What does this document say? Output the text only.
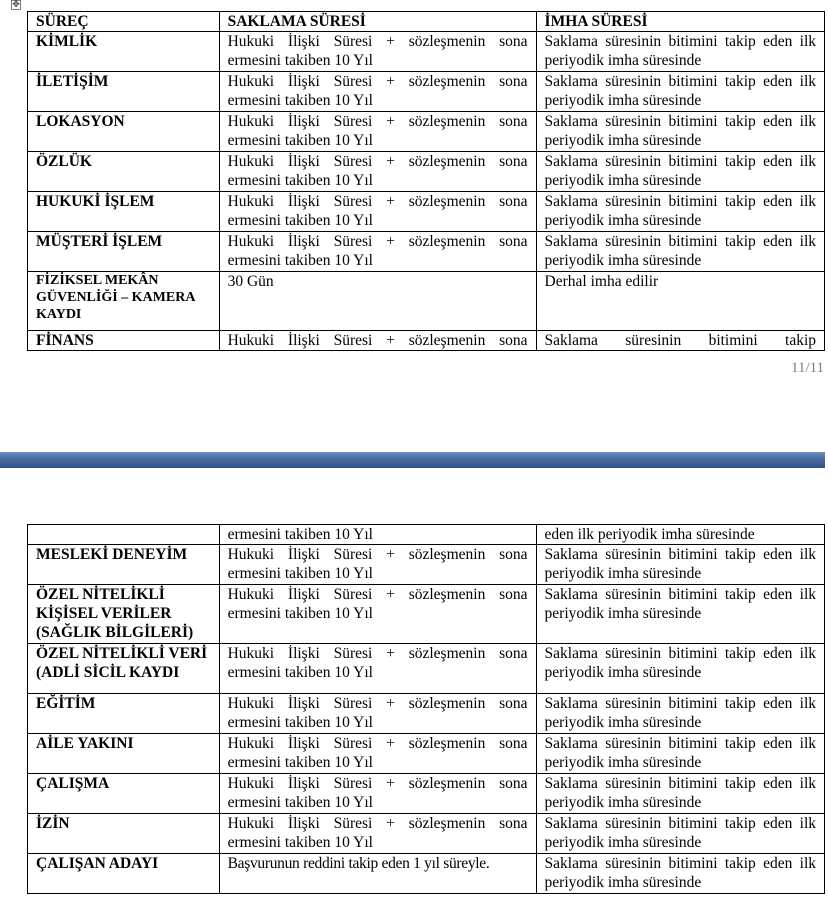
✥
SÜREÇ	SAKLAMA SÜRESİ	İMHA SÜRESİ
KİMLİK	Hukuki İlişki Süresi + sözleşmenin sona ermesini takiben 10 Yıl	Saklama süresinin bitimini takip eden ilk periyodik imha süresinde
İLETİŞİM	Hukuki İlişki Süresi + sözleşmenin sona ermesini takiben 10 Yıl	Saklama süresinin bitimini takip eden ilk periyodik imha süresinde
LOKASYON	Hukuki İlişki Süresi + sözleşmenin sona ermesini takiben 10 Yıl	Saklama süresinin bitimini takip eden ilk periyodik imha süresinde
ÖZLÜK	Hukuki İlişki Süresi + sözleşmenin sona ermesini takiben 10 Yıl	Saklama süresinin bitimini takip eden ilk periyodik imha süresinde
HUKUKİ İŞLEM	Hukuki İlişki Süresi + sözleşmenin sona ermesini takiben 10 Yıl	Saklama süresinin bitimini takip eden ilk periyodik imha süresinde
MÜŞTERİ İŞLEM	Hukuki İlişki Süresi + sözleşmenin sona ermesini takiben 10 Yıl	Saklama süresinin bitimini takip eden ilk periyodik imha süresinde
FİZİKSEL MEKÂN GÜVENLİĞİ – KAMERA KAYDI	30 Gün	Derhal imha edilir
FİNANS	Hukuki İlişki Süresi + sözleşmenin sona	Saklama süresinin bitimini takip
11/11
	ermesini takiben 10 Yıl	eden ilk periyodik imha süresinde
MESLEKİ DENEYİM	Hukuki İlişki Süresi + sözleşmenin sona ermesini takiben 10 Yıl	Saklama süresinin bitimini takip eden ilk periyodik imha süresinde
ÖZEL NİTELİKLİ KİŞİSEL VERİLER (SAĞLIK BİLGİLERİ)	Hukuki İlişki Süresi + sözleşmenin sona ermesini takiben 10 Yıl	Saklama süresinin bitimini takip eden ilk periyodik imha süresinde
ÖZEL NİTELİKLİ VERİ (ADLİ SİCİL KAYDI	Hukuki İlişki Süresi + sözleşmenin sona ermesini takiben 10 Yıl	Saklama süresinin bitimini takip eden ilk periyodik imha süresinde
EĞİTİM	Hukuki İlişki Süresi + sözleşmenin sona ermesini takiben 10 Yıl	Saklama süresinin bitimini takip eden ilk periyodik imha süresinde
AİLE YAKINI	Hukuki İlişki Süresi + sözleşmenin sona ermesini takiben 10 Yıl	Saklama süresinin bitimini takip eden ilk periyodik imha süresinde
ÇALIŞMA	Hukuki İlişki Süresi + sözleşmenin sona ermesini takiben 10 Yıl	Saklama süresinin bitimini takip eden ilk periyodik imha süresinde
İZİN	Hukuki İlişki Süresi + sözleşmenin sona ermesini takiben 10 Yıl	Saklama süresinin bitimini takip eden ilk periyodik imha süresinde
ÇALIŞAN ADAYI	Başvurunun reddini takip eden 1 yıl süreyle.	Saklama süresinin bitimini takip eden ilk periyodik imha süresinde
